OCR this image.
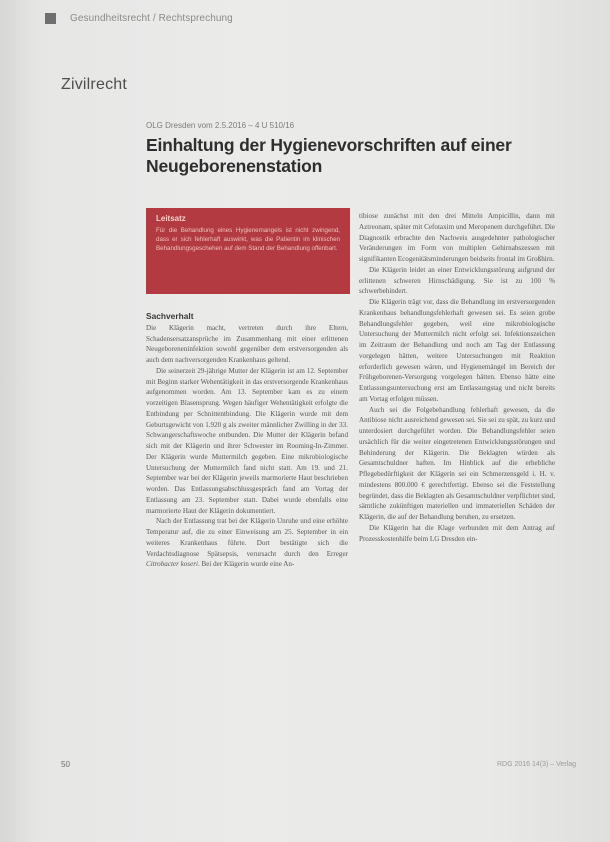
Gesundheitsrecht / Rechtsprechung
Zivilrecht
OLG Dresden vom 2.5.2016 – 4 U 510/16
Einhaltung der Hygienevorschriften auf einer Neugeborenenstation
Leitsatz
Für die Behandlung eines Hygienemangels ist nicht zwingend, dass er sich fehlerhaft auswirkt, was die Patientin im klinischen Behandlungsgeschehen auf dem Stand der Behandlung offenbart.

Sachverhalt

Die Klägerin macht, vertreten durch ihre Eltern, Schadensersatzansprüche im Zusammenhang mit einer erlittenen Neugeboreneninfektion sowohl gegenüber dem erstversorgenden als auch dem nachversorgenden Krankenhaus geltend.

Die seinerzeit 29-jährige Mutter der Klägerin ist am 12. September mit Beginn starker Wehentätigkeit in das erstversorgende Krankenhaus aufgenommen worden. Am 13. September kam es zu einem vorzeitigen Blasensprung. Wegen häufiger Wehentätigkeit erfolgte die Entbindung per Schnittentbindung. Die Klägerin wurde mit dem Geburtsgewicht von 1.920 g als zweiter männlicher Zwilling in der 33. Schwangerschaftswoche entbunden. Die Mutter der Klägerin befand sich mit der Klägerin und ihrer Schwester im Rooming-In-Zimmer. Der Klägerin wurde Muttermilch gegeben. Eine mikrobiologische Untersuchung der Muttermilch fand nicht statt. Am 19. und 21. September war bei der Klägerin jeweils marmorierte Haut beschrieben worden. Das Entlassungsabschlussgespräch fand am Vortag der Entlassung am 23. September statt. Dabei wurde ebenfalls eine marmorierte Haut der Klägerin dokumentiert.

Nach der Entlassung trat bei der Klägerin Unruhe und eine erhöhte Temperatur auf, die zu einer Einweisung am 25. September in ein weiteres Krankenhaus führte. Dort bestätigte sich die Verdachtsdiagnose Spätsepsis, verursacht durch den Erreger Citrobacter koseri. Bei der Klägerin wurde eine An-

tibiose zunächst mit den drei Mitteln Ampicillin, dann mit Aztreonam, später mit Cefotaxim und Meropenem durchgeführt. Die Diagnostik erbrachte den Nachweis ausgedehnter pathologischer Veränderungen im Form von multiplen Gehirnabszessen mit signifikanten Ecogenitätsminderungen beidseits frontal im Großhirn.

Die Klägerin leidet an einer Entwicklungsstörung aufgrund der erlittenen schweren Hirnschädigung. Sie ist zu 100 % schwerbehindert.

Die Klägerin trägt vor, dass die Behandlung im erstversorgenden Krankenhaus behandlungsfehlerhaft gewesen sei. Es seien grobe Behandlungsfehler gegeben, weil eine mikrobiologische Untersuchung der Muttermilch nicht erfolgt sei. Infektionszeichen im Zeitraum der Behandlung und noch am Tag der Entlassung vorgelegen hätten, weitere Untersuchungen mit Reaktion erforderlich gewesen wären, und Hygienemängel im Bereich der Frühgeborenen-Versorgung vorgelegen hätten. Ebenso hätte eine Entlassungsuntersuchung erst am Entlassungstag und nicht bereits am Vortag erfolgen müssen.

Auch sei die Folgebehandlung fehlerhaft gewesen, da die Antibiose nicht ausreichend gewesen sei. Sie sei zu spät, zu kurz und unterdosiert durchgeführt worden. Die Behandlungsfehler seien ursächlich für die weiter eingetretenen Entwicklungsstörungen und Behinderung der Klägerin. Die Beklagten würden als Gesamtschuldner haften. Im Hinblick auf die erhebliche Pflegebedürftigkeit der Klägerin sei ein Schmerzensgeld i. H. v. mindestens 800.000 € gerechtfertigt. Ebenso sei die Feststellung begründet, dass die Beklagten als Gesamtschuldner verpflichtet sind, sämtliche zukünftigen materiellen und immateriellen Schäden der Klägerin, die auf der Behandlung beruhen, zu ersetzen.

Die Klägerin hat die Klage verbunden mit dem Antrag auf Prozesskostenhilfe beim LG Dresden ein-

50	RDG 2016 14(3) – Verlag
